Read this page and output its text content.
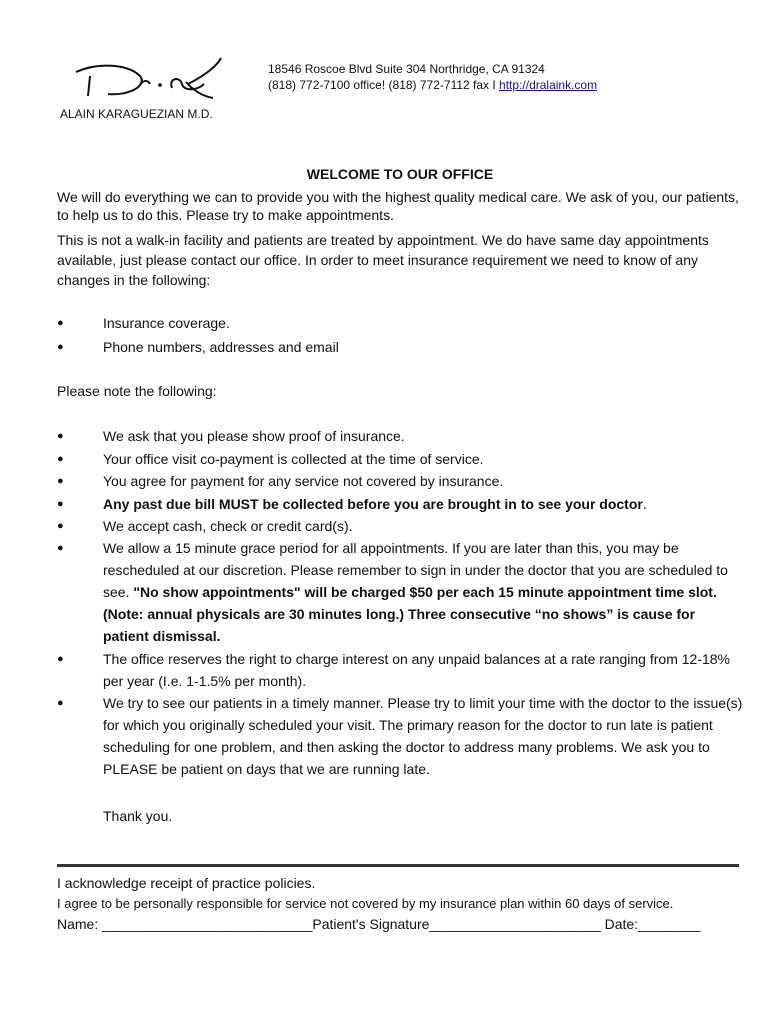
18546 Roscoe Blvd Suite 304 Northridge, CA 91324
(818) 772-7100 office! (818) 772-7112 fax I http://dralaink.com
ALAIN KARAGUEZIAN M.D.
WELCOME TO OUR OFFICE
We will do everything we can to provide you with the highest quality medical care. We ask of you, our patients, to help us to do this. Please try to make appointments.
This is not a walk-in facility and patients are treated by appointment. We do have same day appointments available, just please contact our office. In order to meet insurance requirement we need to know of any changes in the following:
●	Insurance coverage.
●	Phone numbers, addresses and email
Please note the following:
●	We ask that you please show proof of insurance.
●	Your office visit co-payment is collected at the time of service.
●	You agree for payment for any service not covered by insurance.
●	Any past due bill MUST be collected before you are brought in to see your doctor.
●	We accept cash, check or credit card(s).
●	We allow a 15 minute grace period for all appointments. If you are later than this, you may be rescheduled at our discretion. Please remember to sign in under the doctor that you are scheduled to see. "No show appointments" will be charged $50 per each 15 minute appointment time slot. (Note: annual physicals are 30 minutes long.) Three consecutive “no shows” is cause for patient dismissal.
●	The office reserves the right to charge interest on any unpaid balances at a rate ranging from 12-18% per year (I.e. 1-1.5% per month).
●	We try to see our patients in a timely manner. Please try to limit your time with the doctor to the issue(s) for which you originally scheduled your visit. The primary reason for the doctor to run late is patient scheduling for one problem, and then asking the doctor to address many problems. We ask you to PLEASE be patient on days that we are running late.
Thank you.
I acknowledge receipt of practice policies.
I agree to be personally responsible for service not covered by my insurance plan within 60 days of service.
Name: ___________________________Patient's Signature______________________ Date:________
